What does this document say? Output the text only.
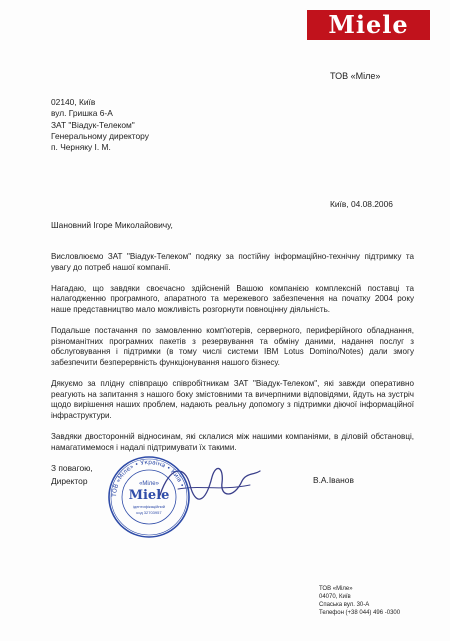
Miele
ТОВ «Міле»
02140, Київ
вул. Гришка 6-А
ЗАТ "Віадук-Телеком"
Генеральному директору
п. Черняку І. М.
Київ, 04.08.2006
Шановний Ігоре Миколайовичу,

Висловлюємо ЗАТ "Віадук-Телеком" подяку за постійну інформаційно-технічну підтримку та увагу до потреб нашої компанії.

Нагадаю, що завдяки своєчасно здійсненій Вашою компанією комплексній поставці та налагодженню програмного, апаратного та мережевого забезпечення на початку 2004 року наше представництво мало можливість розгорнути повноцінну діяльність.

Подальше постачання по замовленню комп'ютерів, серверного, периферійного обладнання, різноманітних програмних пакетів з резервування та обміну даними, надання послуг з обслуговування і підтримки (в тому числі системи IBM Lotus Domino/Notes) дали змогу забезпечити безперервність функціонування нашого бізнесу.

Дякуємо за плідну співпрацю співробітникам ЗАТ "Віадук-Телеком", які завжди оперативно реагують на запитання з нашого боку змістовними та вичерпними відповідями, йдуть на зустріч щодо вирішення наших проблем, надають реальну допомогу з підтримки діючої інформаційної інфраструктури.

Завдяки двосторонній відносинам, які склалися між нашими компаніями, в діловій обстановці, намагатимемося і надалі підтримувати їх такими.

З повагою,
Директор	В.А.Іванов
ТОВ «Міле» • Україна • Київ •
«Міле»
Miele
ідентифікаційний
код 32703957
ТОВ «Міле»
04070, Київ
Спаська вул. 30-А
Телефон (+38 044) 496 -0300
